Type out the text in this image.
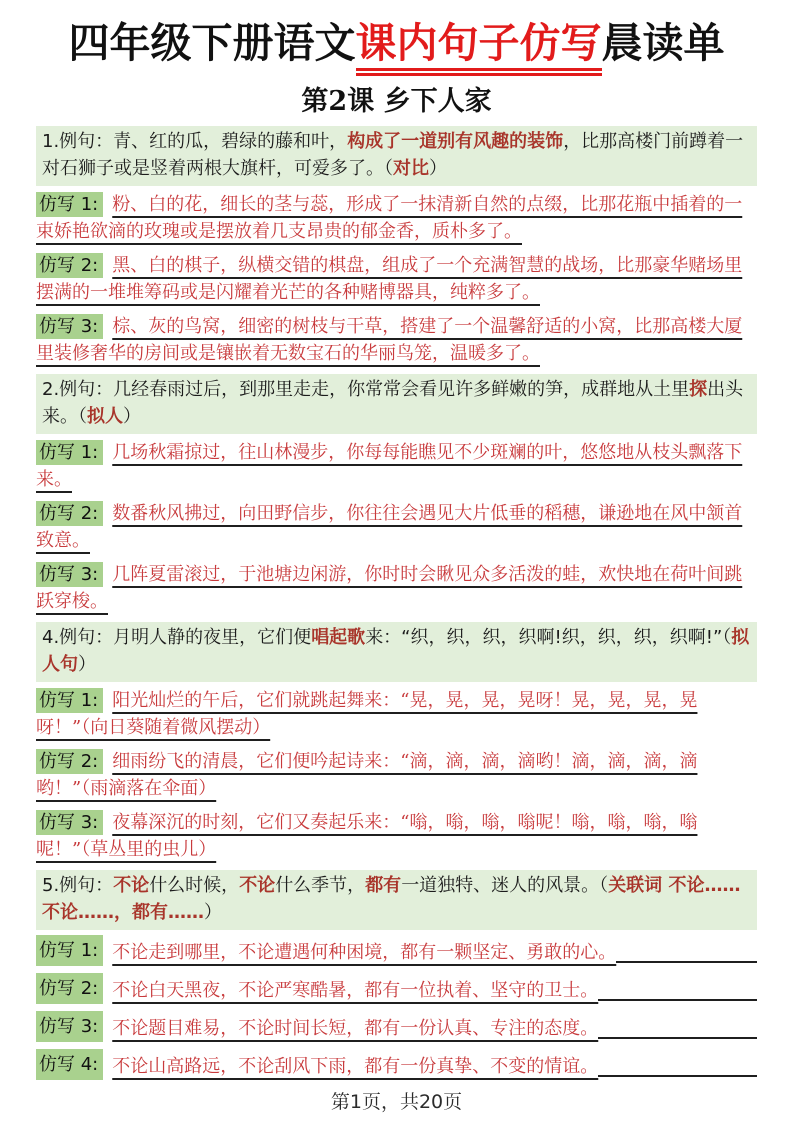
四年级下册语文课内句子仿写晨读单
第2课 乡下人家

1.例句：青、红的瓜，碧绿的藤和叶，构成了一道别有风趣的装饰，比那高楼门前蹲着一对石狮子或是竖着两根大旗杆，可爱多了。（对比）

仿写 1: 粉、白的花，细长的茎与蕊，形成了一抹清新自然的点缀，比那花瓶中插着的一束娇艳欲滴的玫瑰或是摆放着几支昂贵的郁金香，质朴多了。
仿写 2: 黑、白的棋子，纵横交错的棋盘，组成了一个充满智慧的战场，比那豪华赌场里摆满的一堆堆筹码或是闪耀着光芒的各种赌博器具，纯粹多了。
仿写 3: 棕、灰的鸟窝，细密的树枝与干草，搭建了一个温馨舒适的小窝，比那高楼大厦里装修奢华的房间或是镶嵌着无数宝石的华丽鸟笼，温暖多了。

2.例句：几经春雨过后，到那里走走，你常常会看见许多鲜嫩的笋，成群地从土里探出头来。（拟人）

仿写 1: 几场秋霜掠过，往山林漫步，你每每能瞧见不少斑斓的叶，悠悠地从枝头飘落下来。
仿写 2: 数番秋风拂过，向田野信步，你往往会遇见大片低垂的稻穗，谦逊地在风中颔首致意。
仿写 3: 几阵夏雷滚过，于池塘边闲游，你时时会瞅见众多活泼的蛙，欢快地在荷叶间跳跃穿梭。

4.例句：月明人静的夜里，它们便唱起歌来：“织，织，织，织啊!织，织，织，织啊!”（拟人句）

仿写 1: 阳光灿烂的午后，它们就跳起舞来：“晃，晃，晃，晃呀！晃，晃，晃，晃呀！”（向日葵随着微风摆动）
仿写 2: 细雨纷飞的清晨，它们便吟起诗来：“滴，滴，滴，滴哟！滴，滴，滴，滴哟！”（雨滴落在伞面）
仿写 3: 夜幕深沉的时刻，它们又奏起乐来：“嗡，嗡，嗡，嗡呢！嗡，嗡，嗡，嗡呢！”（草丛里的虫儿）

5.例句：不论什么时候，不论什么季节，都有一道独特、迷人的风景。（关联词 不论……不论……，都有……）

仿写 1: 不论走到哪里，不论遭遇何种困境，都有一颗坚定、勇敢的心。
仿写 2: 不论白天黑夜，不论严寒酷暑，都有一位执着、坚守的卫士。
仿写 3: 不论题目难易，不论时间长短，都有一份认真、专注的态度。
仿写 4: 不论山高路远，不论刮风下雨，都有一份真挚、不变的情谊。
第1页，共20页
